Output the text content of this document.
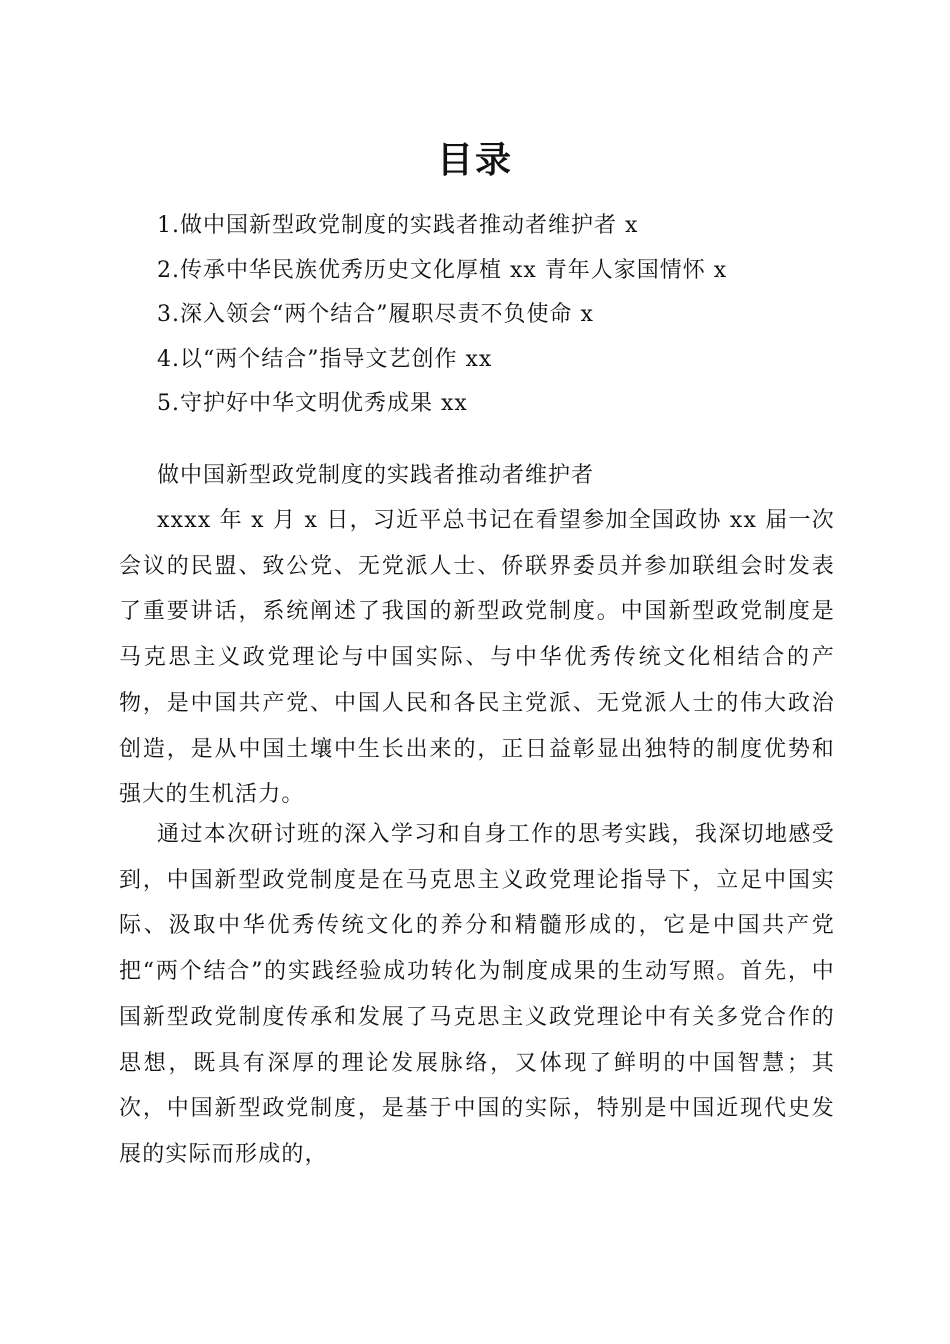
目录
1.做中国新型政党制度的实践者推动者维护者 x
2.传承中华民族优秀历史文化厚植 xx 青年人家国情怀 x
3.深入领会“两个结合”履职尽责不负使命 x
4.以“两个结合”指导文艺创作 xx
5.守护好中华文明优秀成果 xx
做中国新型政党制度的实践者推动者维护者

xxxx 年 x 月 x 日，习近平总书记在看望参加全国政协 xx 届一次会议的民盟、致公党、无党派人士、侨联界委员并参加联组会时发表了重要讲话，系统阐述了我国的新型政党制度。中国新型政党制度是马克思主义政党理论与中国实际、与中华优秀传统文化相结合的产物，是中国共产党、中国人民和各民主党派、无党派人士的伟大政治创造，是从中国土壤中生长出来的，正日益彰显出独特的制度优势和强大的生机活力。

通过本次研讨班的深入学习和自身工作的思考实践，我深切地感受到，中国新型政党制度是在马克思主义政党理论指导下，立足中国实际、汲取中华优秀传统文化的养分和精髓形成的，它是中国共产党把“两个结合”的实践经验成功转化为制度成果的生动写照。首先，中国新型政党制度传承和发展了马克思主义政党理论中有关多党合作的思想，既具有深厚的理论发展脉络，又体现了鲜明的中国智慧；其次，中国新型政党制度，是基于中国的实际，特别是中国近现代史发展的实际而形成的，
